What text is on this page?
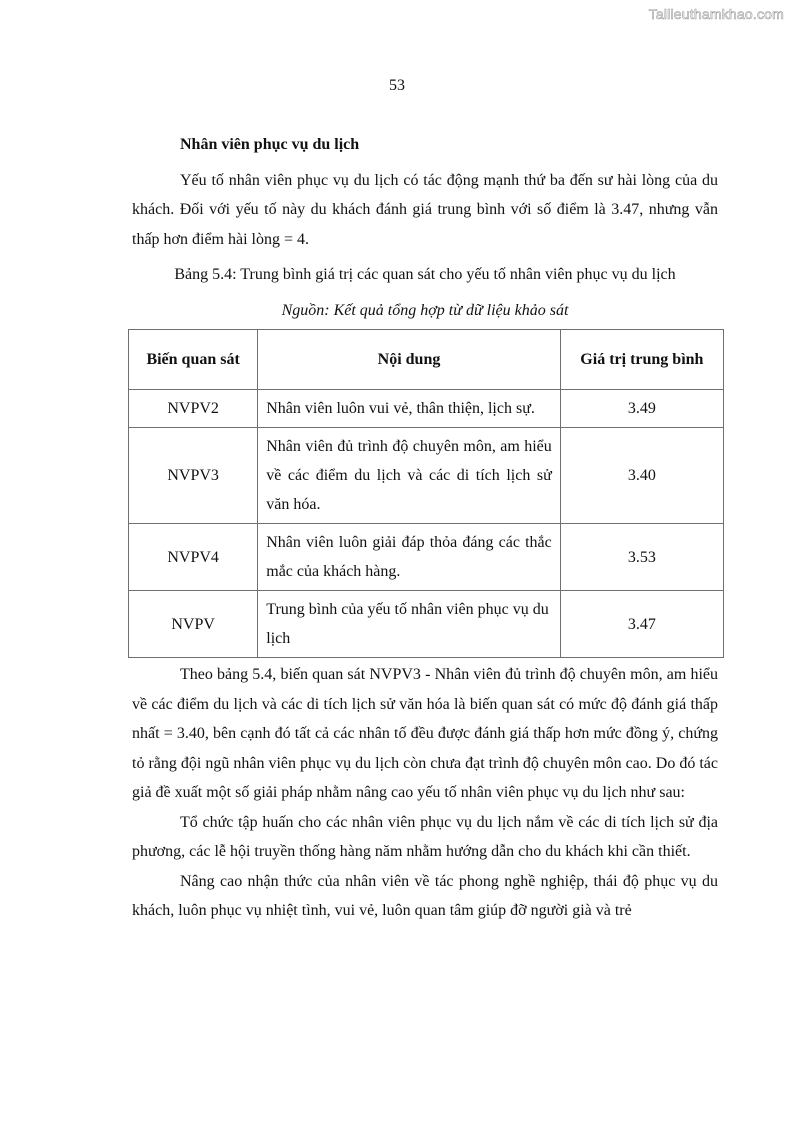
Tailieuthamkhao.com
53

Nhân viên phục vụ du lịch

Yếu tố nhân viên phục vụ du lịch có tác động mạnh thứ ba đến sư hài lòng của du khách. Đối với yếu tố này du khách đánh giá trung bình với số điểm là 3.47, nhưng vẫn thấp hơn điểm hài lòng = 4.

Bảng 5.4: Trung bình giá trị các quan sát cho yếu tố nhân viên phục vụ du lịch

Nguồn: Kết quả tổng hợp từ dữ liệu khảo sát

Biến quan sát	Nội dung	Giá trị trung bình
NVPV2	Nhân viên luôn vui vẻ, thân thiện, lịch sự.	3.49
NVPV3	Nhân viên đủ trình độ chuyên môn, am hiểu về các điểm du lịch và các di tích lịch sử văn hóa.	3.40
NVPV4	Nhân viên luôn giải đáp thỏa đáng các thắc mắc của khách hàng.	3.53
NVPV	Trung bình của yếu tố nhân viên phục vụ du lịch	3.47

Theo bảng 5.4, biến quan sát NVPV3 - Nhân viên đủ trình độ chuyên môn, am hiểu về các điểm du lịch và các di tích lịch sử văn hóa là biến quan sát có mức độ đánh giá thấp nhất = 3.40, bên cạnh đó tất cả các nhân tố đều được đánh giá thấp hơn mức đồng ý, chứng tỏ rằng đội ngũ nhân viên phục vụ du lịch còn chưa đạt trình độ chuyên môn cao. Do đó tác giả đề xuất một số giải pháp nhằm nâng cao yếu tố nhân viên phục vụ du lịch như sau:

Tổ chức tập huấn cho các nhân viên phục vụ du lịch nắm về các di tích lịch sử địa phương, các lễ hội truyền thống hàng năm nhằm hướng dẫn cho du khách khi cần thiết.

Nâng cao nhận thức của nhân viên về tác phong nghề nghiệp, thái độ phục vụ du khách, luôn phục vụ nhiệt tình, vui vẻ, luôn quan tâm giúp đỡ người già và trẻ
